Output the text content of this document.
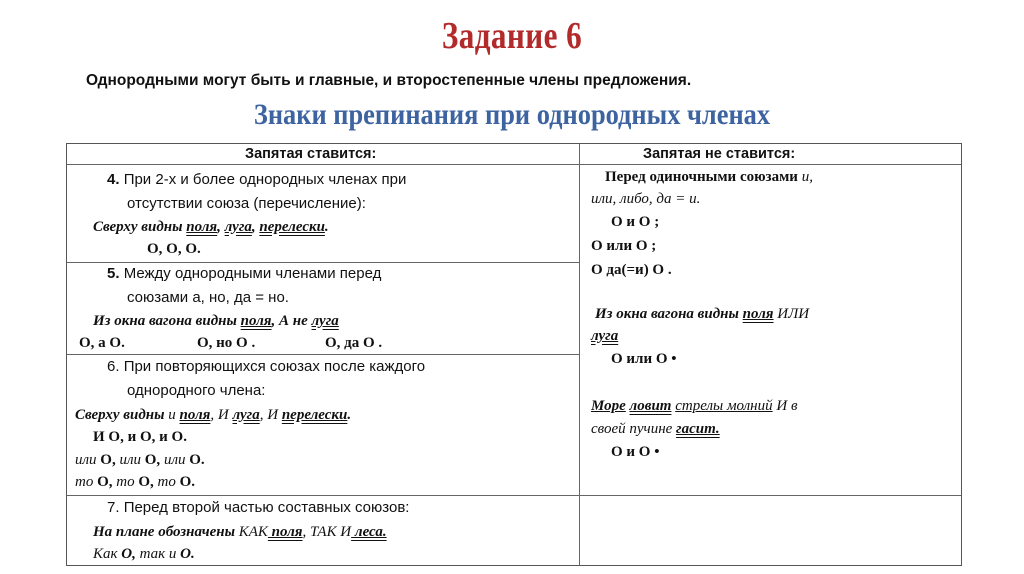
Задание 6
Однородными могут быть и главные, и второстепенные члены предложения.
Знаки препинания при однородных членах
Запятая ставится:	Запятая не ставится:
4. При 2-х и более однородных членах при
отсутствии союза (перечисление):
Сверху видны поля, луга, перелески.
О, О, О.
5. Между однородными членами перед
союзами а, но, да = но.
Из окна вагона видны поля, А не луга
О, а О.	О, но О .	О, да О .
6. При повторяющихся союзах после каждого
однородного члена:
Сверху видны и поля, И луга, И перелески.
И О, и О, и О.
или О, или О, или О.
то О, то О, то О.
7. Перед второй частью составных союзов:
На плане обозначены КАК поля, ТАК И леса.
Как О, так и О.
Перед одиночными союзами и,
или, либо, да = и.
О и О ;
О или О ;
О да(=и) О .
Из окна вагона видны поля ИЛИ
луга
О или О •
Море ловит стрелы молний И в
своей пучине гасит.
О и О •
